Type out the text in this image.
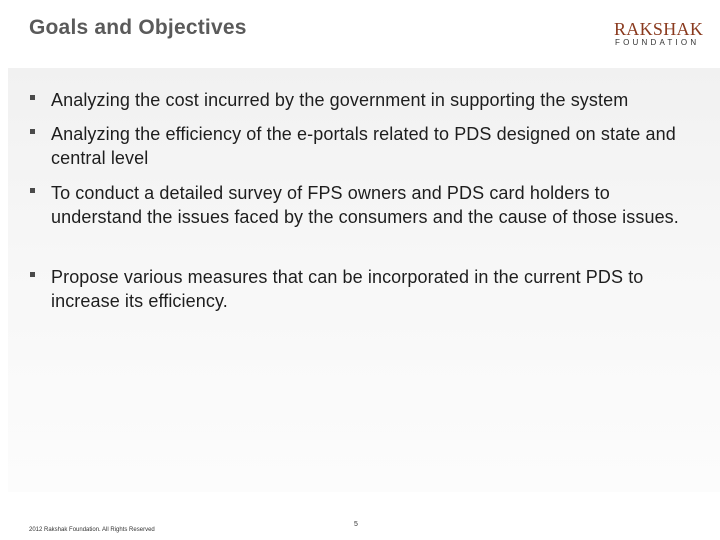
Goals and Objectives	RAKSHAK
FOUNDATION
Analyzing the cost incurred by the government in supporting the system
Analyzing the efficiency of the e-portals related to PDS designed on state and central level
To conduct a detailed survey of FPS owners and PDS card holders to understand the issues faced by the consumers and the cause of those issues.
Propose various measures that can be incorporated in the current PDS to increase its efficiency.
2012 Rakshak Foundation. All Rights Reserved
5
